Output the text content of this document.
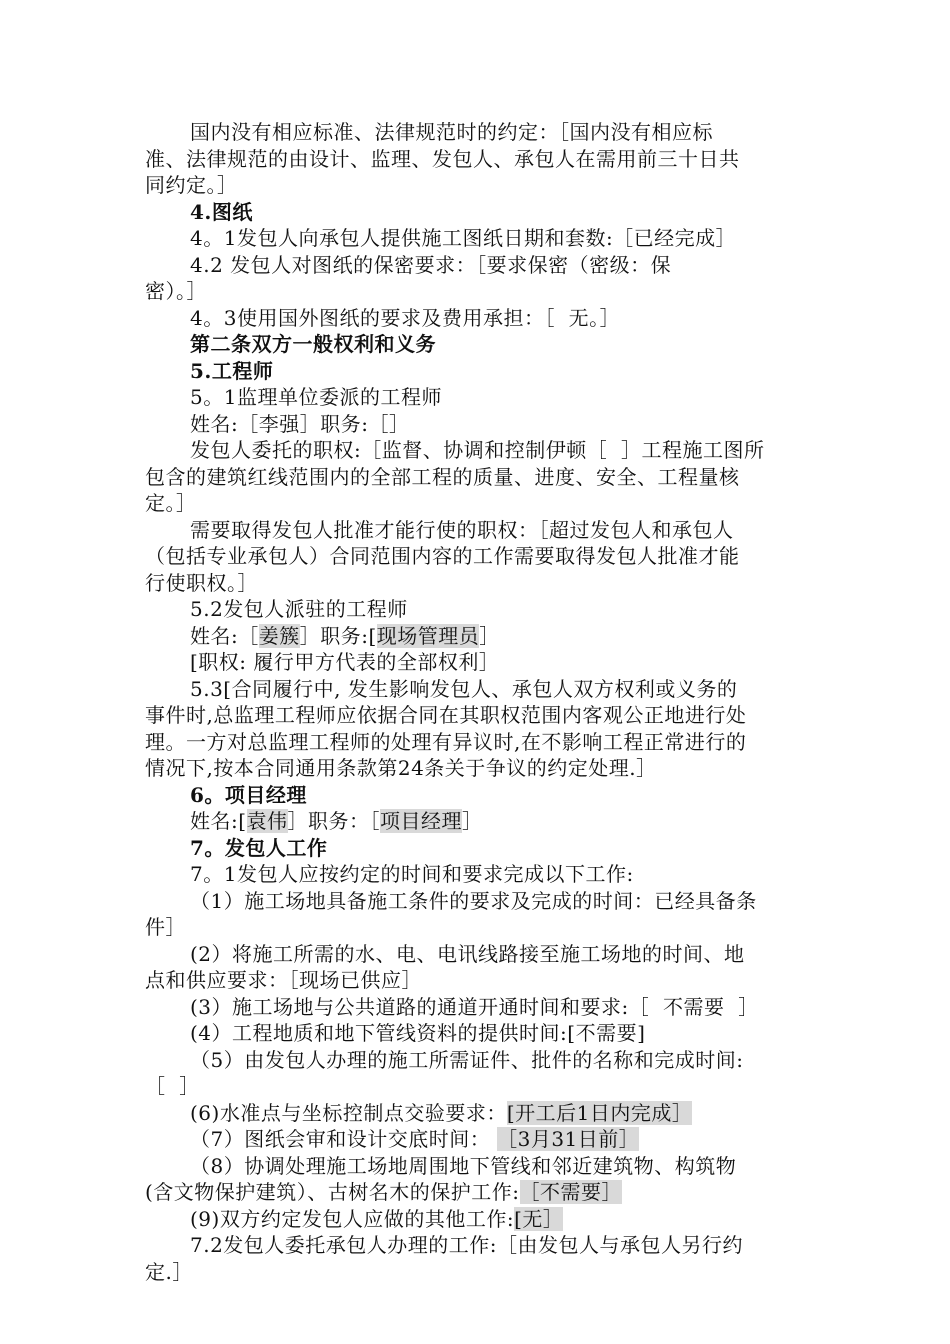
国内没有相应标准、法律规范时的约定：［国内没有相应标
准、法律规范的由设计、监理、发包人、承包人在需用前三十日共
同约定。］
4.图纸
4。1发包人向承包人提供施工图纸日期和套数:［已经完成］
4.2 发包人对图纸的保密要求：［要求保密（密级：保
密）。］
4。3使用国外图纸的要求及费用承担：［  无。］
第二条双方一般权利和义务
5.工程师
5。1监理单位委派的工程师
姓名:［李强］职务:［］
发包人委托的职权:［监督、协调和控制伊顿［  ］工程施工图所
包含的建筑红线范围内的全部工程的质量、进度、安全、工程量核
定。］
需要取得发包人批准才能行使的职权：［超过发包人和承包人
（包括专业承包人）合同范围内容的工作需要取得发包人批准才能
行使职权。］
5.2发包人派驻的工程师
姓名:［姜簇］职务:[现场管理员］
[职权: 履行甲方代表的全部权利］
5.3[合同履行中, 发生影响发包人、承包人双方权利或义务的
事件时,总监理工程师应依据合同在其职权范围内客观公正地进行处
理。一方对总监理工程师的处理有异议时,在不影响工程正常进行的
情况下,按本合同通用条款第24条关于争议的约定处理.］
6。项目经理
姓名:[袁伟］职务：［项目经理］
7。发包人工作
7。1发包人应按约定的时间和要求完成以下工作:
（1）施工场地具备施工条件的要求及完成的时间：已经具备条
件］
(2）将施工所需的水、电、电讯线路接至施工场地的时间、地
点和供应要求：［现场已供应］
(3）施工场地与公共道路的通道开通时间和要求:［  不需要  ］
(4）工程地质和地下管线资料的提供时间:[不需要]
（5）由发包人办理的施工所需证件、批件的名称和完成时间:
［  ］
(6)水准点与坐标控制点交验要求：[开工后1日内完成］
（7）图纸会审和设计交底时间： ［3月31日前］
（8）协调处理施工场地周围地下管线和邻近建筑物、构筑物
(含文物保护建筑）、古树名木的保护工作:［不需要］
(9)双方约定发包人应做的其他工作:[无］
7.2发包人委托承包人办理的工作:［由发包人与承包人另行约
定.］
